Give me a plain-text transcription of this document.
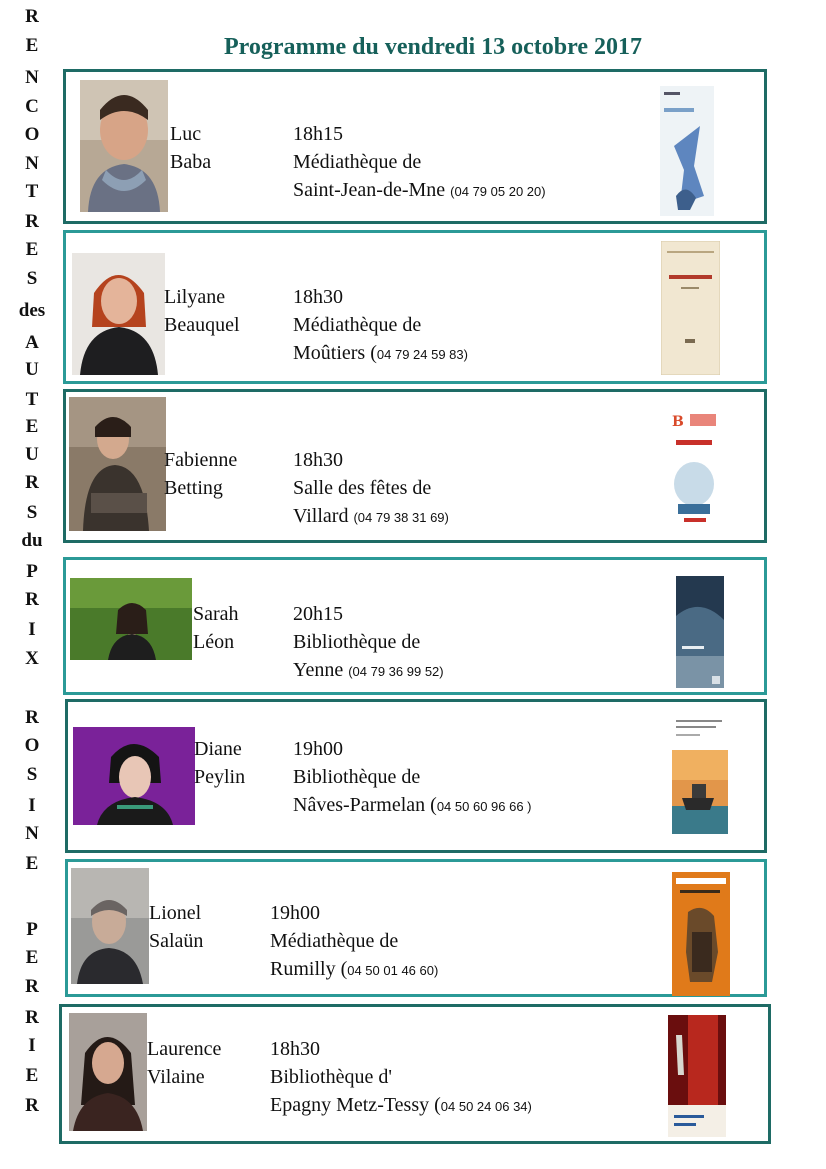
R
E
N
C
O
N
T
R
E
S
des
A
U
T
E
U
R
S
du
P
R
I
X
R
O
S
I
N
E
P
E
R
R
I
E
R
Programme du vendredi 13 octobre 2017
Luc
Baba
18h15
Médiathèque de
Saint-Jean-de-Mne (04 79 05 20 20)
Lilyane
Beauquel
18h30
Médiathèque de
Moûtiers (04 79 24 59 83)
Fabienne
Betting
18h30
Salle des fêtes de
Villard (04 79 38 31 69)
B
Sarah
Léon
20h15
Bibliothèque de
Yenne (04 79 36 99 52)
Diane
Peylin
19h00
Bibliothèque de
Nâves-Parmelan (04 50 60 96 66 )
Lionel
Salaün
19h00
Médiathèque de
Rumilly (04 50 01 46 60)
Laurence
Vilaine
18h30
Bibliothèque d'
Epagny Metz-Tessy (04 50 24 06 34)
